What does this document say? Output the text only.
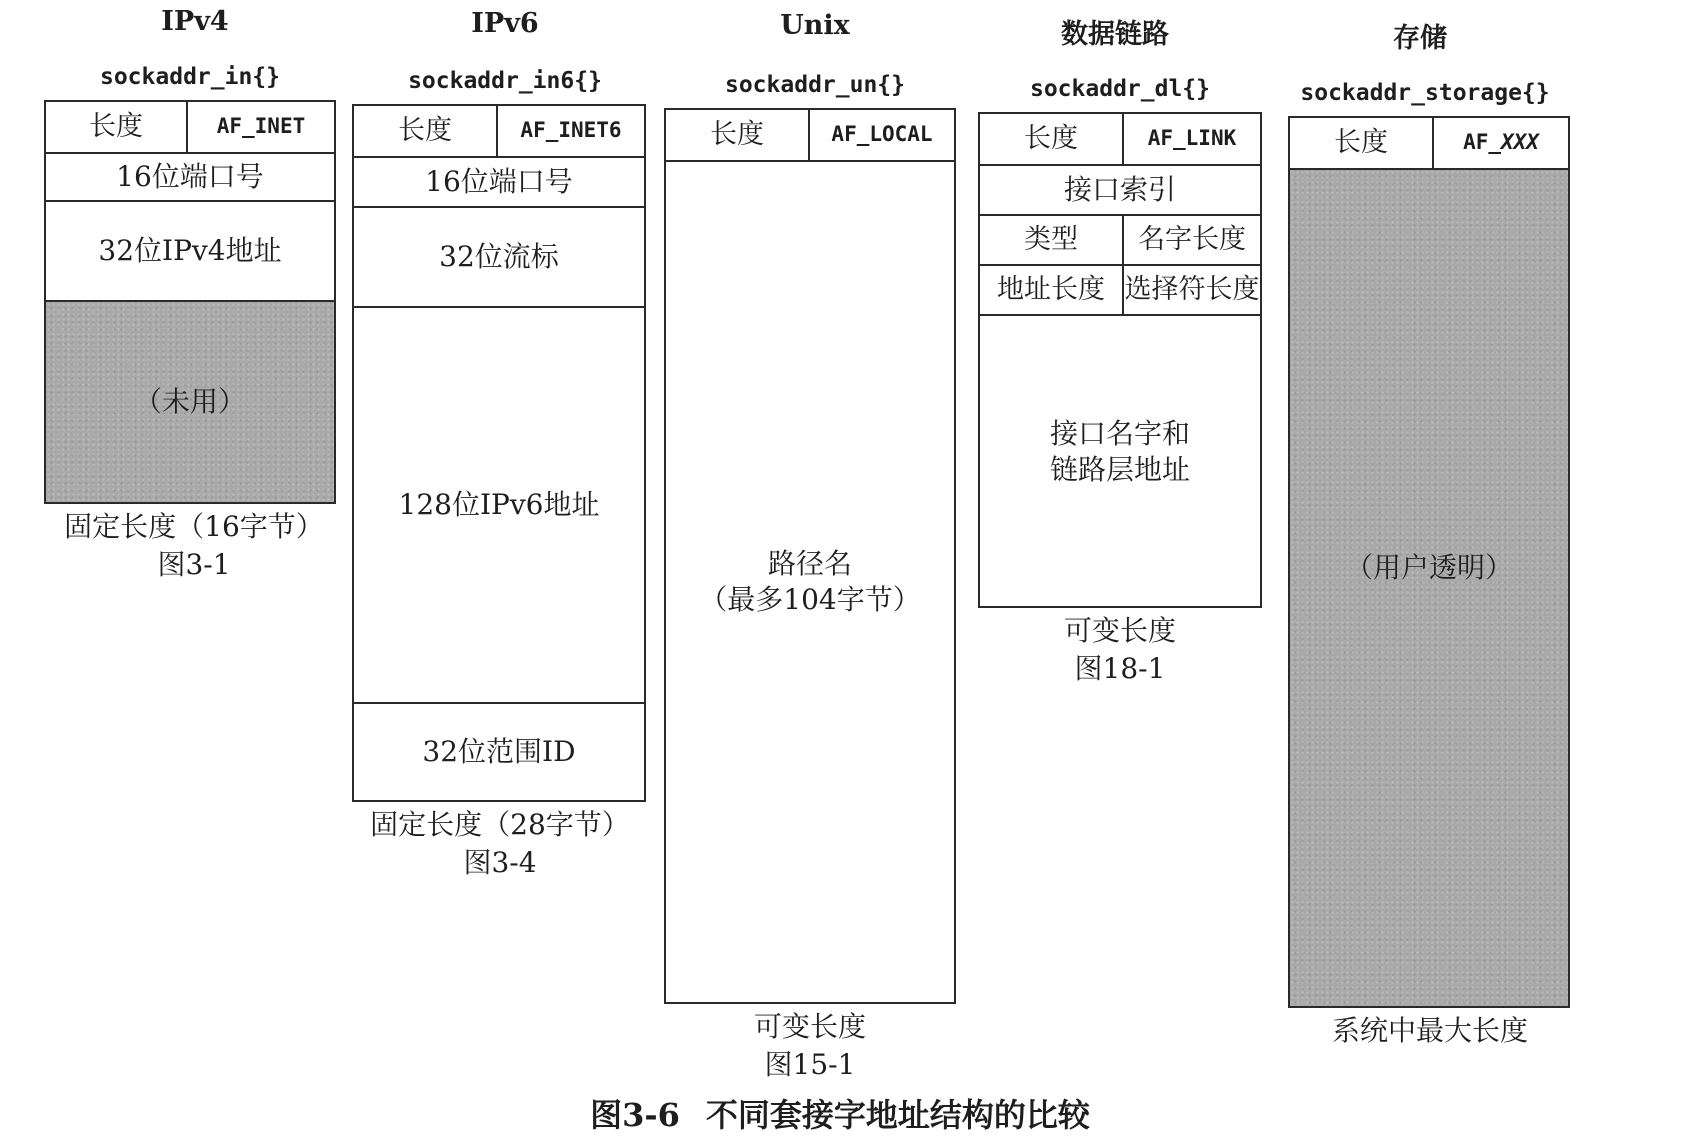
IPv4
sockaddr_in{}
长度	AF_INET
16位端口号
32位IPv4地址
（未用）
固定长度（16字节）
图3-1
IPv6
sockaddr_in6{}
长度	AF_INET6
16位端口号
32位流标
128位IPv6地址
32位范围ID
固定长度（28字节）
图3-4
Unix
sockaddr_un{}
长度	AF_LOCAL
路径名
（最多104字节）
可变长度
图15-1
数据链路
sockaddr_dl{}
长度	AF_LINK
接口索引
类型	名字长度
地址长度 选择符长度
接口名字和
链路层地址
可变长度
图18-1
存储
sockaddr_storage{}
长度	AF_ XXX
（用户透明）
系统中最大长度
图3-6 不同套接字地址结构的比较
